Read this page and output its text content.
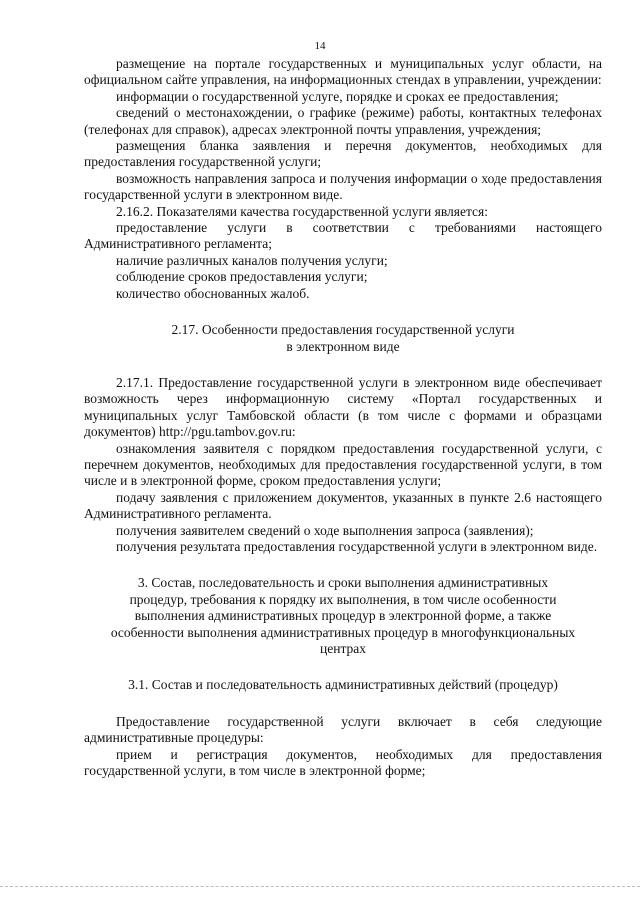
14

размещение на портале государственных и муниципальных услуг области, на официальном сайте управления, на информационных стендах в управлении, учреждении:

информации о государственной услуге, порядке и сроках ее предоставления;

сведений о местонахождении, о графике (режиме) работы, контактных телефонах (телефонах для справок), адресах электронной почты управления, учреждения;

размещения бланка заявления и перечня документов, необходимых для предоставления государственной услуги;

возможность направления запроса и получения информации о ходе предоставления государственной услуги в электронном виде.

2.16.2. Показателями качества государственной услуги является:

предоставление услуги в соответствии с требованиями настоящего Административного регламента;

наличие различных каналов получения услуги;

соблюдение сроков предоставления услуги;

количество обоснованных жалоб.

2.17. Особенности предоставления государственной услуги

в электронном виде

2.17.1. Предоставление государственной услуги в электронном виде обеспечивает возможность через информационную систему «Портал государственных и муниципальных услуг Тамбовской области (в том числе с формами и образцами документов) http://pgu.tambov.gov.ru:

ознакомления заявителя с порядком предоставления государственной услуги, с перечнем документов, необходимых для предоставления государственной услуги, в том числе и в электронной форме, сроком предоставления услуги;

подачу заявления с приложением документов, указанных в пункте 2.6 настоящего Административного регламента.

получения заявителем сведений о ходе выполнения запроса (заявления);

получения результата предоставления государственной услуги в электронном виде.

3. Состав, последовательность и сроки выполнения административных

процедур, требования к порядку их выполнения, в том числе особенности

выполнения административных процедур в электронной форме, а также

особенности выполнения административных процедур в многофункциональных

центрах

3.1. Состав и последовательность административных действий (процедур)

Предоставление государственной услуги включает в себя следующие административные процедуры:

прием и регистрация документов, необходимых для предоставления государственной услуги, в том числе в электронной форме;
